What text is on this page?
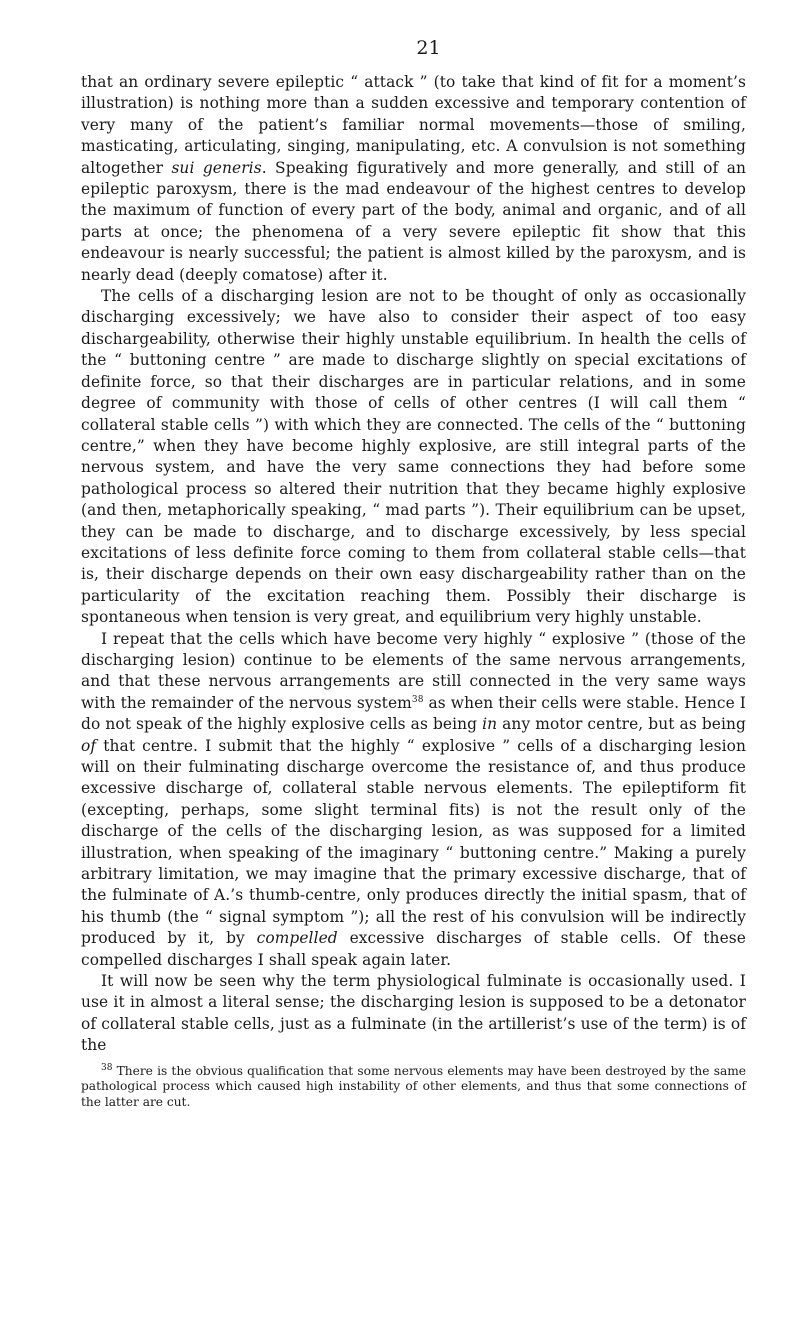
21

that an ordinary severe epileptic “ attack ” (to take that kind of fit for a moment’s illustration) is nothing more than a sudden excessive and temporary contention of very many of the patient’s familiar normal movements—those of smiling, masticating, articulating, singing, manipulating, etc. A convulsion is not something altogether sui generis. Speaking figuratively and more generally, and still of an epileptic paroxysm, there is the mad endeavour of the highest centres to develop the maximum of function of every part of the body, animal and organic, and of all parts at once; the phenomena of a very severe epileptic fit show that this endeavour is nearly successful; the patient is almost killed by the paroxysm, and is nearly dead (deeply comatose) after it.

The cells of a discharging lesion are not to be thought of only as occasionally discharging excessively; we have also to consider their aspect of too easy dischargeability, otherwise their highly unstable equilibrium. In health the cells of the “ buttoning centre ” are made to discharge slightly on special excitations of definite force, so that their discharges are in particular relations, and in some degree of community with those of cells of other centres (I will call them “ collateral stable cells ”) with which they are connected. The cells of the “ buttoning centre,” when they have become highly explosive, are still integral parts of the nervous system, and have the very same connections they had before some pathological process so altered their nutrition that they became highly explosive (and then, metaphorically speaking, “ mad parts ”). Their equilibrium can be upset, they can be made to discharge, and to discharge excessively, by less special excitations of less definite force coming to them from collateral stable cells—that is, their discharge depends on their own easy dischargeability rather than on the particularity of the excitation reaching them. Possibly their discharge is spontaneous when tension is very great, and equilibrium very highly unstable.

I repeat that the cells which have become very highly “ explosive ” (those of the discharging lesion) continue to be elements of the same nervous arrangements, and that these nervous arrangements are still connected in the very same ways with the remainder of the nervous system$^{38}$ as when their cells were stable. Hence I do not speak of the highly explosive cells as being in any motor centre, but as being of that centre. I submit that the highly “ explosive ” cells of a discharging lesion will on their fulminating discharge overcome the resistance of, and thus produce excessive discharge of, collateral stable nervous elements. The epileptiform fit (excepting, perhaps, some slight terminal fits) is not the result only of the discharge of the cells of the discharging lesion, as was supposed for a limited illustration, when speaking of the imaginary “ buttoning centre.” Making a purely arbitrary limitation, we may imagine that the primary excessive discharge, that of the fulminate of A.’s thumb-centre, only produces directly the initial spasm, that of his thumb (the “ signal symptom ”); all the rest of his convulsion will be indirectly produced by it, by compelled excessive discharges of stable cells. Of these compelled discharges I shall speak again later.

It will now be seen why the term physiological fulminate is occasionally used. I use it in almost a literal sense; the discharging lesion is supposed to be a detonator of collateral stable cells, just as a fulminate (in the artillerist’s use of the term) is of the

$^{38}$ There is the obvious qualification that some nervous elements may have been destroyed by the same pathological process which caused high instability of other elements, and thus that some connections of the latter are cut.
